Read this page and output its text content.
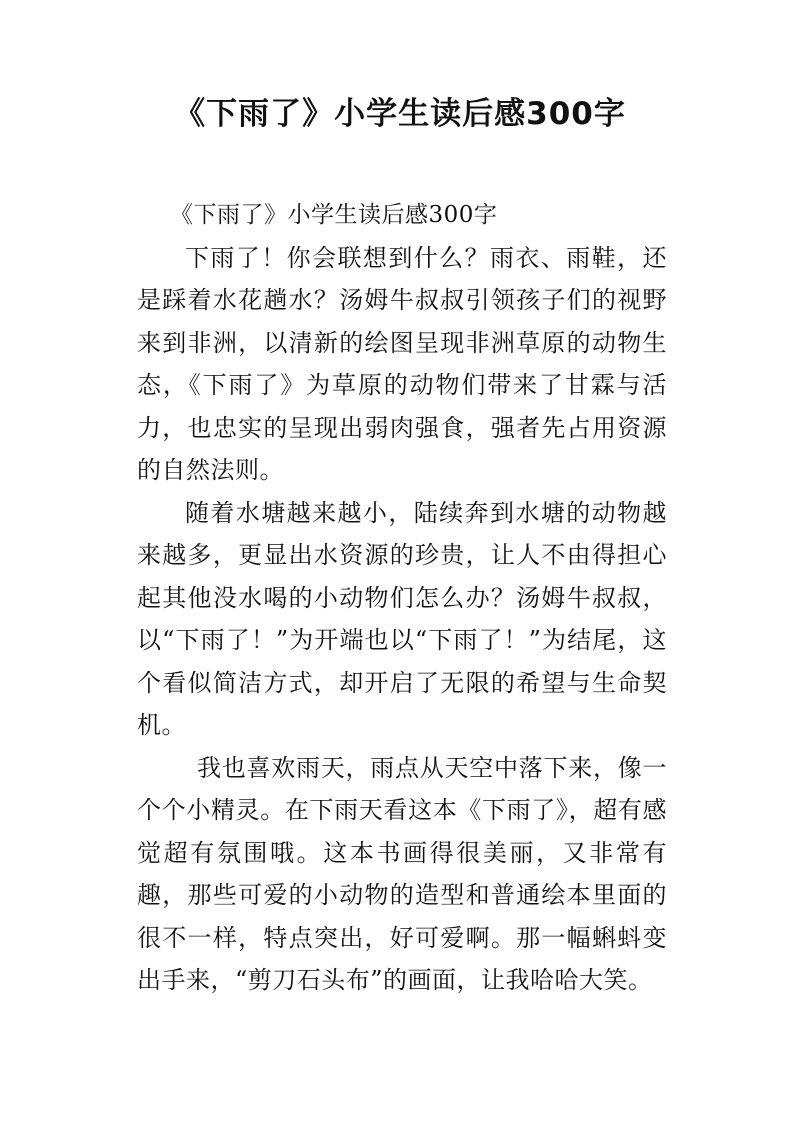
《下雨了》小学生读后感300字

《下雨了》小学生读后感300字

下雨了！你会联想到什么？雨衣、雨鞋，还是踩着水花趟水？汤姆牛叔叔引领孩子们的视野来到非洲，以清新的绘图呈现非洲草原的动物生态，《下雨了》为草原的动物们带来了甘霖与活力，也忠实的呈现出弱肉强食，强者先占用资源的自然法则。

随着水塘越来越小，陆续奔到水塘的动物越来越多，更显出水资源的珍贵，让人不由得担心起其他没水喝的小动物们怎么办？汤姆牛叔叔，以“下雨了！”为开端也以“下雨了！”为结尾，这个看似简洁方式，却开启了无限的希望与生命契机。

我也喜欢雨天，雨点从天空中落下来，像一个个小精灵。在下雨天看这本《下雨了》，超有感觉超有氛围哦。这本书画得很美丽，又非常有趣，那些可爱的小动物的造型和普通绘本里面的很不一样，特点突出，好可爱啊。那一幅蝌蚪变出手来，“剪刀石头布”的画面，让我哈哈大笑。
